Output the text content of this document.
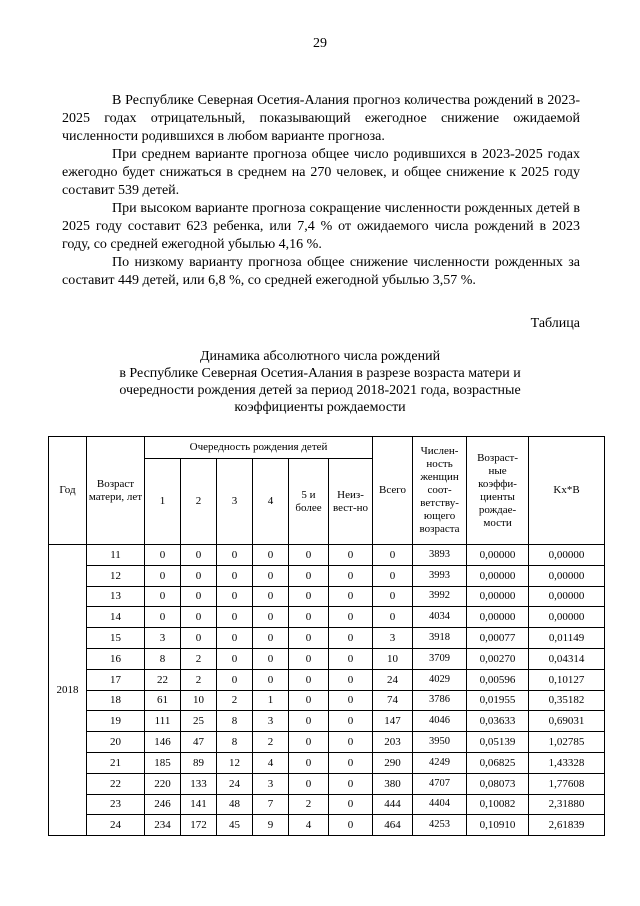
29

В Республике Северная Осетия-Алания прогноз количества рождений в 2023-2025 годах отрицательный, показывающий ежегодное снижение ожидаемой численности родившихся в любом варианте прогноза.

При среднем варианте прогноза общее число родившихся в 2023-2025 годах ежегодно будет снижаться в среднем на 270 человек, и общее снижение к 2025 году составит 539 детей.

При высоком варианте прогноза сокращение численности рожденных детей в 2025 году составит 623 ребенка, или 7,4 % от ожидаемого числа рождений в 2023 году, со средней ежегодной убылью 4,16 %.

По низкому варианту прогноза общее снижение численности рожденных за составит 449 детей, или 6,8 %, со средней ежегодной убылью 3,57 %.

Таблица
Динамика абсолютного числа рождений
в Республике Северная Осетия-Алания в разрезе возраста матери и
очередности рождения детей за период 2018-2021 года, возрастные
коэффициенты рождаемости
Год	Возраст матери, лет	Очередность рождения детей						Всего	Числен-ность женщин соот-ветству-ющего возраста	Возраст-ные коэффи-циенты рождае-мости	Kx*B
		1	2	3	4	5 и более	Неиз-вест-но				
2018	11	0	0	0	0	0	0	0	3893	0,00000	0,00000
	12	0	0	0	0	0	0	0	3993	0,00000	0,00000
	13	0	0	0	0	0	0	0	3992	0,00000	0,00000
	14	0	0	0	0	0	0	0	4034	0,00000	0,00000
	15	3	0	0	0	0	0	3	3918	0,00077	0,01149
	16	8	2	0	0	0	0	10	3709	0,00270	0,04314
	17	22	2	0	0	0	0	24	4029	0,00596	0,10127
	18	61	10	2	1	0	0	74	3786	0,01955	0,35182
	19	111	25	8	3	0	0	147	4046	0,03633	0,69031
	20	146	47	8	2	0	0	203	3950	0,05139	1,02785
	21	185	89	12	4	0	0	290	4249	0,06825	1,43328
	22	220	133	24	3	0	0	380	4707	0,08073	1,77608
	23	246	141	48	7	2	0	444	4404	0,10082	2,31880
	24	234	172	45	9	4	0	464	4253	0,10910	2,61839
